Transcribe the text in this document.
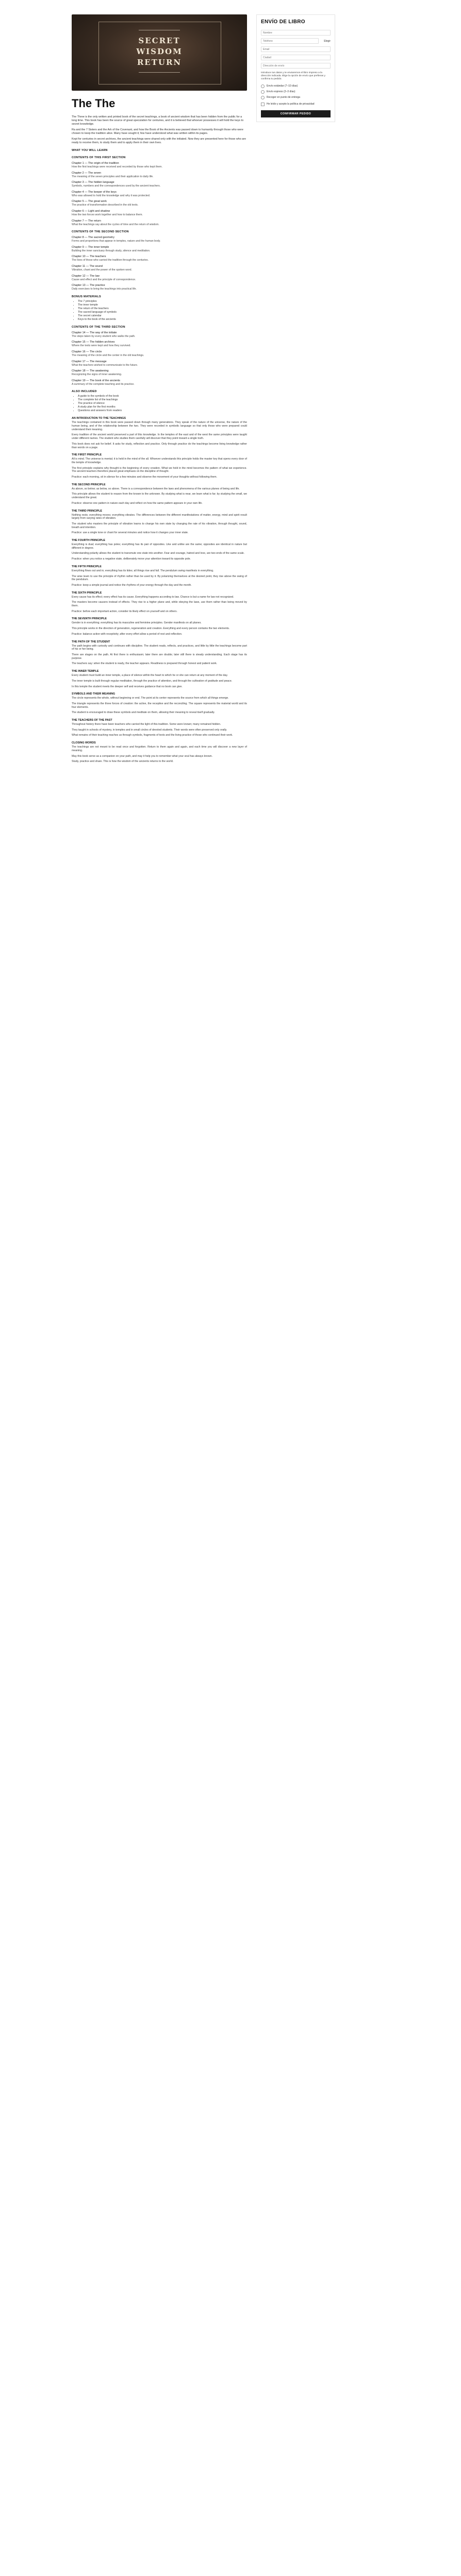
SECRET
WISDOM
RETURN
The The

The Three is the only written and printed book of the secret teachings, a book of ancient wisdom that has been hidden from the public for a long time. This book has been the source of great speculation for centuries, and it is believed that whoever possesses it will hold the keys to secret knowledge.

Ra and the 7 Sisters and the Ark of the Covenant, and how the Book of the Ancients was passed down to humanity through those who were chosen to keep the tradition alive. Many have sought it; few have understood what was written within its pages.

Kept for centuries in secret archives, the ancient teachings were shared only with the initiated. Now they are presented here for those who are ready to receive them, to study them and to apply them in their own lives.

WHAT YOU WILL LEARN
CONTENTS OF THIS FIRST SECTION
Chapter 1 — The origin of the tradition
How the first teachings were received and recorded by those who kept them.
Chapter 2 — The seven
The meaning of the seven principles and their application to daily life.
Chapter 3 — The hidden language
Symbols, numbers and the correspondences used by the ancient teachers.
Chapter 4 — The keeper of the keys
Who was allowed to hold the knowledge and why it was protected.
Chapter 5 — The great work
The practice of transformation described in the old texts.
Chapter 6 — Light and shadow
How the two forces work together and how to balance them.
Chapter 7 — The return
What the teachings say about the cycles of time and the return of wisdom.
CONTENTS OF THE SECOND SECTION
Chapter 8 — The sacred geometry
Forms and proportions that appear in temples, nature and the human body.
Chapter 9 — The inner temple
Building the inner sanctuary through study, silence and meditation.
Chapter 10 — The teachers
The lives of those who carried the tradition through the centuries.
Chapter 11 — The sound
Vibration, chant and the power of the spoken word.
Chapter 12 — The law
Cause and effect and the principle of correspondence.
Chapter 13 — The practice
Daily exercises to bring the teachings into practical life.
BONUS MATERIALS
• The 7 principles
• The inner temple
• The return of the teachers
• The sacred language of symbols
• The secret calendar
• Keys to the book of the ancients
CONTENTS OF THE THIRD SECTION
Chapter 14 — The way of the initiate
The steps taken by every student who walks the path.
Chapter 15 — The hidden archives
Where the texts were kept and how they survived.
Chapter 16 — The circle
The meaning of the circle and the center in the old teachings.
Chapter 17 — The message
What the teachers wished to communicate to the future.
Chapter 18 — The awakening
Recognizing the signs of inner awakening.
Chapter 19 — The book of the ancients
A summary of the complete teaching and its practice.
ALSO INCLUDED
• A guide to the symbols of the book
• The complete list of the teachings
• The practice of silence
• A study plan for the first months
• Questions and answers from readers
AN INTRODUCTION TO THE TEACHINGS

The teachings contained in this book were passed down through many generations. They speak of the nature of the universe, the nature of the human being, and of the relationship between the two. They were recorded in symbolic language so that only those who were prepared could understand their meaning.

Every tradition of the ancient world preserved a part of this knowledge. In the temples of the east and of the west the same principles were taught under different names. The student who studies them carefully will discover that they point toward a single truth.

This book does not ask for belief. It asks for study, reflection and practice. Only through practice do the teachings become living knowledge rather than words on a page.

THE FIRST PRINCIPLE

All is mind. The universe is mental; it is held in the mind of the all. Whoever understands this principle holds the master key that opens every door of the temple of knowledge.

The first principle explains why thought is the beginning of every creation. What we hold in the mind becomes the pattern of what we experience. The ancient teachers therefore placed great emphasis on the discipline of thought.

Practice: each morning, sit in silence for a few minutes and observe the movement of your thoughts without following them.

THE SECOND PRINCIPLE

As above, so below; as below, so above. There is a correspondence between the laws and phenomena of the various planes of being and life.

This principle allows the student to reason from the known to the unknown. By studying what is near, we learn what is far; by studying the small, we understand the great.

Practice: observe one pattern in nature each day and reflect on how the same pattern appears in your own life.

THE THIRD PRINCIPLE

Nothing rests; everything moves; everything vibrates. The differences between the different manifestations of matter, energy, mind and spirit result largely from varying rates of vibration.

The student who masters the principle of vibration learns to change his own state by changing the rate of his vibration, through thought, sound, breath and intention.

Practice: use a single tone or chant for several minutes and notice how it changes your inner state.

THE FOURTH PRINCIPLE

Everything is dual; everything has poles; everything has its pair of opposites. Like and unlike are the same; opposites are identical in nature but different in degree.

Understanding polarity allows the student to transmute one state into another. Fear and courage, hatred and love, are two ends of the same scale.

Practice: when you notice a negative state, deliberately move your attention toward its opposite pole.

THE FIFTH PRINCIPLE

Everything flows out and in; everything has its tides; all things rise and fall. The pendulum swing manifests in everything.

The wise learn to use the principle of rhythm rather than be used by it. By polarizing themselves at the desired point, they rise above the swing of the pendulum.

Practice: keep a simple journal and notice the rhythms of your energy through the day and the month.

THE SIXTH PRINCIPLE

Every cause has its effect; every effect has its cause. Everything happens according to law. Chance is but a name for law not recognized.

The masters become causers instead of effects. They rise to a higher plane and, while obeying the laws, use them rather than being moved by them.

Practice: before each important action, consider its likely effect on yourself and on others.

THE SEVENTH PRINCIPLE

Gender is in everything; everything has its masculine and feminine principles. Gender manifests on all planes.

This principle works in the direction of generation, regeneration and creation. Everything and every person contains the two elements.

Practice: balance action with receptivity; after every effort allow a period of rest and reflection.

THE PATH OF THE STUDENT

The path begins with curiosity and continues with discipline. The student reads, reflects, and practices, and little by little the teachings become part of his or her being.

There are stages on the path. At first there is enthusiasm; later there are doubts; later still there is steady understanding. Each stage has its purpose.

The teachers say: when the student is ready, the teacher appears. Readiness is prepared through honest and patient work.

THE INNER TEMPLE

Every student must build an inner temple, a place of silence within the heart to which he or she can return at any moment of the day.

The inner temple is built through regular meditation, through the practice of attention, and through the cultivation of gratitude and peace.

In this temple the student meets the deeper self and receives guidance that no book can give.

SYMBOLS AND THEIR MEANING

The circle represents the whole, without beginning or end. The point at its center represents the source from which all things emerge.

The triangle represents the three forces of creation: the active, the receptive and the reconciling. The square represents the material world and its four elements.

The student is encouraged to draw these symbols and meditate on them, allowing their meaning to reveal itself gradually.

THE TEACHERS OF THE PAST

Throughout history there have been teachers who carried the light of this tradition. Some were known; many remained hidden.

They taught in schools of mystery, in temples and in small circles of devoted students. Their words were often preserved only orally.

What remains of their teaching reaches us through symbols, fragments of texts and the living practice of those who continued their work.

CLOSING WORDS

The teachings are not meant to be read once and forgotten. Return to them again and again, and each time you will discover a new layer of meaning.

May this book serve as a companion on your path, and may it help you to remember what your soul has always known.

Study, practice and share. This is how the wisdom of the ancients returns to the world.

ENVÍO DE LIBRO
Nombre
Teléfono
Elegir
Email
Ciudad
Dirección de envío
Introduce tus datos y te enviaremos el libro impreso a la dirección indicada. Elige la opción de envío que prefieras y confirma tu pedido.
Envío estándar (7–10 días)
Envío express (2–3 días)
Recoger en punto de entrega
He leído y acepto la política de privacidad
CONFIRMAR PEDIDO
